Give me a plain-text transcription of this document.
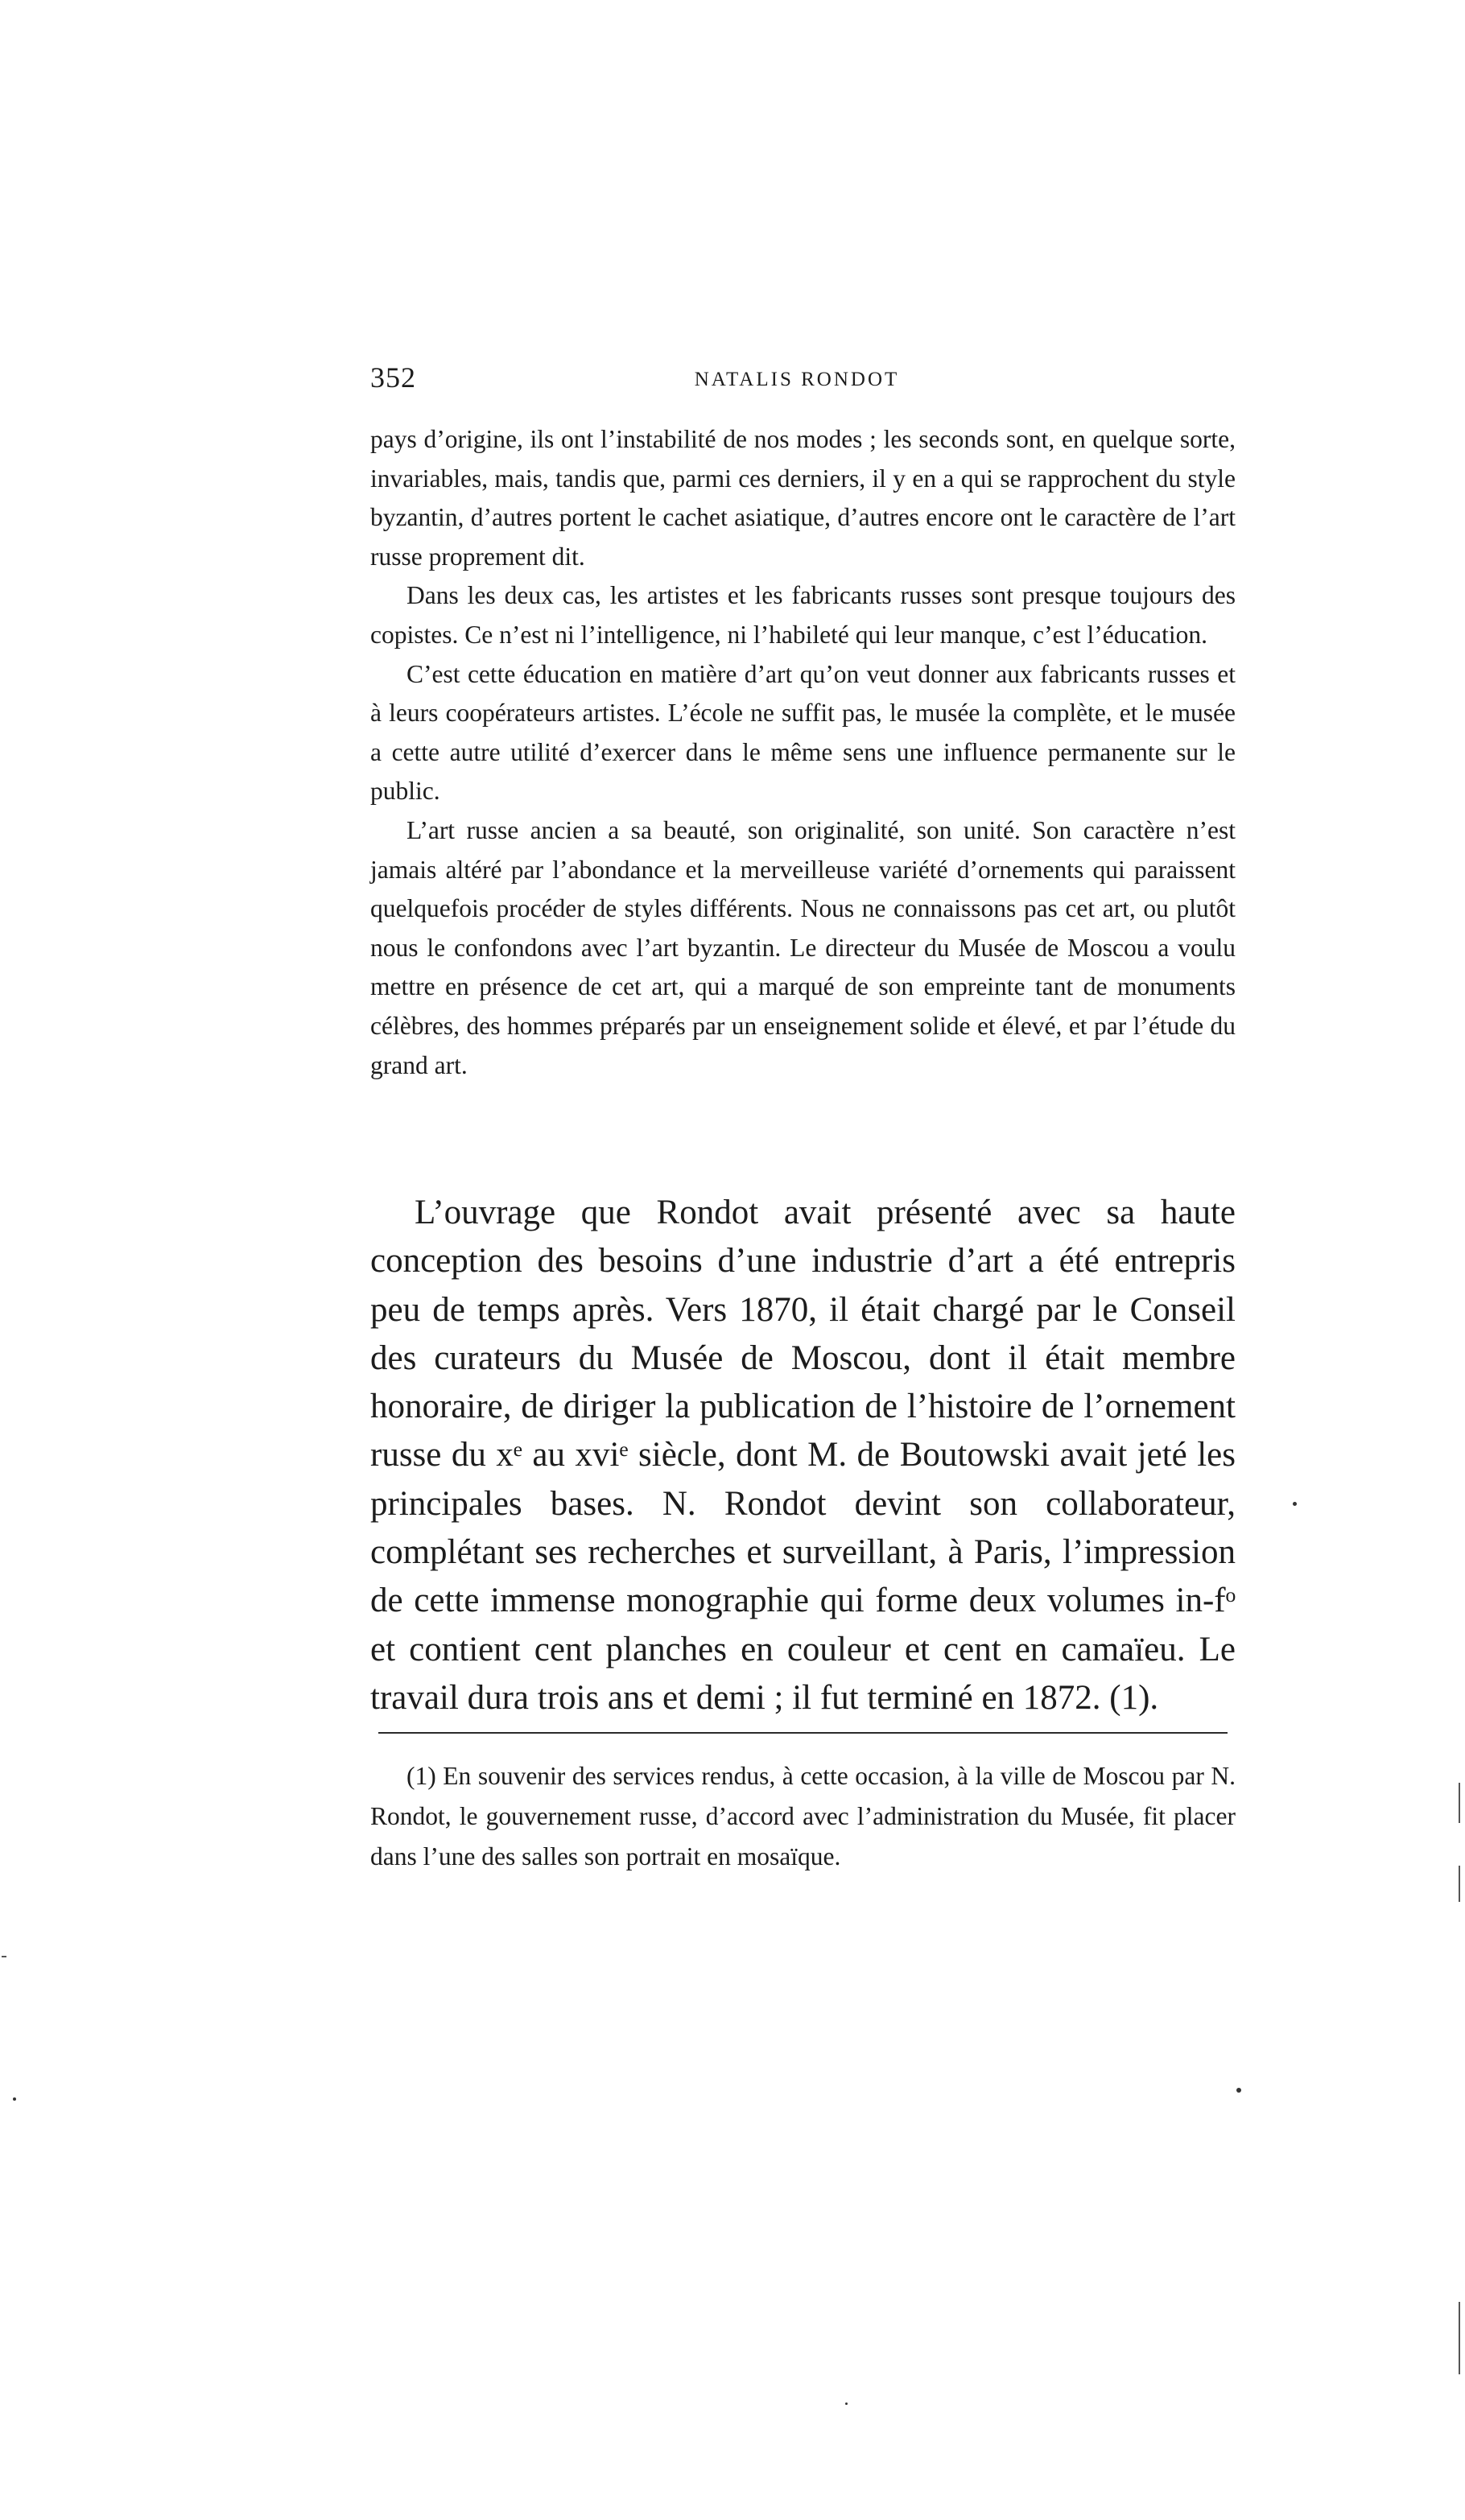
352	NATALIS RONDOT

pays d’origine, ils ont l’instabilité de nos modes ; les seconds sont, en quelque sorte, invariables, mais, tandis que, parmi ces derniers, il y en a qui se rapprochent du style byzantin, d’autres portent le cachet asiatique, d’autres encore ont le caractère de l’art russe proprement dit.

Dans les deux cas, les artistes et les fabricants russes sont presque toujours des copistes. Ce n’est ni l’intelligence, ni l’habileté qui leur manque, c’est l’éducation.

C’est cette éducation en matière d’art qu’on veut donner aux fabricants russes et à leurs coopérateurs artistes. L’école ne suffit pas, le musée la complète, et le musée a cette autre utilité d’exercer dans le même sens une influence permanente sur le public.

L’art russe ancien a sa beauté, son originalité, son unité. Son caractère n’est jamais altéré par l’abondance et la merveilleuse variété d’ornements qui paraissent quelquefois procéder de styles différents. Nous ne connaissons pas cet art, ou plutôt nous le confondons avec l’art byzantin. Le directeur du Musée de Moscou a voulu mettre en présence de cet art, qui a marqué de son empreinte tant de monuments célèbres, des hommes préparés par un enseignement solide et élevé, et par l’étude du grand art.

L’ouvrage que Rondot avait présenté avec sa haute conception des besoins d’une industrie d’art a été entrepris peu de temps après. Vers 1870, il était chargé par le Conseil des curateurs du Musée de Moscou, dont il était membre honoraire, de diriger la publication de l’histoire de l’ornement russe du xᵉ au xviᵉ siècle, dont M. de Boutowski avait jeté les principales bases. N. Rondot devint son collaborateur, complétant ses recherches et surveillant, à Paris, l’impression de cette immense monographie qui forme deux volumes in-fᵒ et contient cent planches en couleur et cent en camaïeu. Le travail dura trois ans et demi ; il fut terminé en 1872. (1).

(1) En souvenir des services rendus, à cette occasion, à la ville de Moscou par N. Rondot, le gouvernement russe, d’accord avec l’administration du Musée, fit placer dans l’une des salles son portrait en mosaïque.
